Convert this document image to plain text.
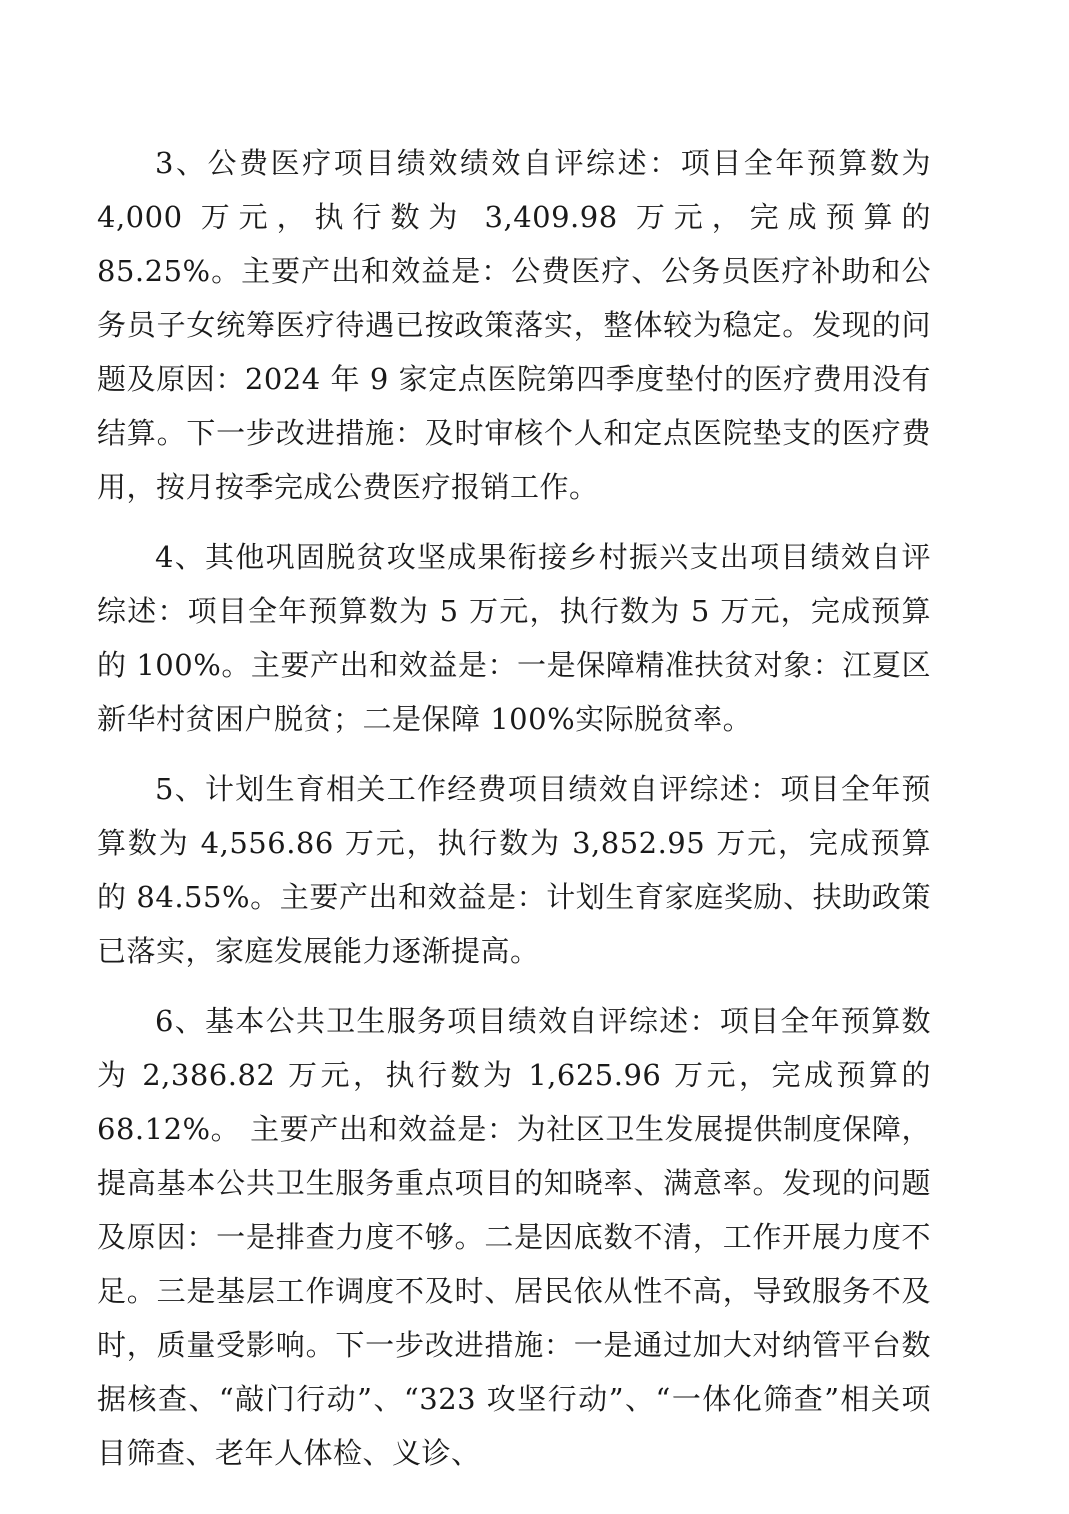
3、公费医疗项目绩效绩效自评综述：项目全年预算数为 4,000 万元，执行数为 3,409.98 万元，完成预算的 85.25%。主要产出和效益是：公费医疗、公务员医疗补助和公务员子女统筹医疗待遇已按政策落实，整体较为稳定。发现的问题及原因：2024 年 9 家定点医院第四季度垫付的医疗费用没有结算。下一步改进措施：及时审核个人和定点医院垫支的医疗费用，按月按季完成公费医疗报销工作。

4、其他巩固脱贫攻坚成果衔接乡村振兴支出项目绩效自评综述：项目全年预算数为 5 万元，执行数为 5 万元，完成预算的 100%。主要产出和效益是：一是保障精准扶贫对象：江夏区新华村贫困户脱贫；二是保障 100%实际脱贫率。

5、计划生育相关工作经费项目绩效自评综述：项目全年预算数为 4,556.86 万元，执行数为 3,852.95 万元，完成预算的 84.55%。主要产出和效益是：计划生育家庭奖励、扶助政策已落实，家庭发展能力逐渐提高。

6、基本公共卫生服务项目绩效自评综述：项目全年预算数为 2,386.82 万元，执行数为 1,625.96 万元，完成预算的 68.12%。 主要产出和效益是：为社区卫生发展提供制度保障，提高基本公共卫生服务重点项目的知晓率、满意率。发现的问题及原因：一是排查力度不够。二是因底数不清，工作开展力度不足。三是基层工作调度不及时、居民依从性不高，导致服务不及时，质量受影响。下一步改进措施：一是通过加大对纳管平台数据核查、“敲门行动”、“323 攻坚行动”、“一体化筛查”相关项目筛查、老年人体检、义诊、
